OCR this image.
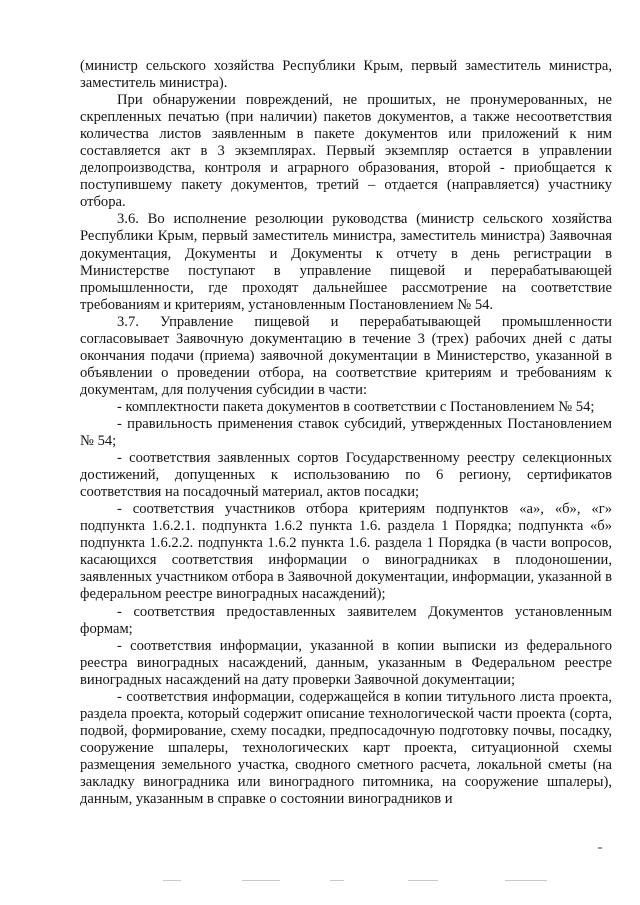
(министр сельского хозяйства Республики Крым, первый заместитель министра, заместитель министра).

При обнаружении повреждений, не прошитых, не пронумерованных, не скрепленных печатью (при наличии) пакетов документов, а также несоответствия количества листов заявленным в пакете документов или приложений к ним составляется акт в 3 экземплярах. Первый экземпляр остается в управлении делопроизводства, контроля и аграрного образования, второй - приобщается к поступившему пакету документов, третий – отдается (направляется) участнику отбора.

3.6. Во исполнение резолюции руководства (министр сельского хозяйства Республики Крым, первый заместитель министра, заместитель министра) Заявочная документация, Документы и Документы к отчету в день регистрации в Министерстве поступают в управление пищевой и перерабатывающей промышленности, где проходят дальнейшее рассмотрение на соответствие требованиям и критериям, установленным Постановлением № 54.

3.7. Управление пищевой и перерабатывающей промышленности согласовывает Заявочную документацию в течение 3 (трех) рабочих дней с даты окончания подачи (приема) заявочной документации в Министерство, указанной в объявлении о проведении отбора, на соответствие критериям и требованиям к документам, для получения субсидии в части:

- комплектности пакета документов в соответствии с Постановлением № 54;

- правильность применения ставок субсидий, утвержденных Постановлением № 54;

- соответствия заявленных сортов Государственному реестру селекционных достижений, допущенных к использованию по 6 региону, сертификатов соответствия на посадочный материал, актов посадки;

- соответствия участников отбора критериям подпунктов «а», «б», «г» подпункта 1.6.2.1. подпункта 1.6.2 пункта 1.6. раздела 1 Порядка; подпункта «б» подпункта 1.6.2.2. подпункта 1.6.2 пункта 1.6. раздела 1 Порядка (в части вопросов, касающихся соответствия информации о виноградниках в плодоношении, заявленных участником отбора в Заявочной документации, информации, указанной в федеральном реестре виноградных насаждений);

- соответствия предоставленных заявителем Документов установленным формам;

- соответствия информации, указанной в копии выписки из федерального реестра виноградных насаждений, данным, указанным в Федеральном реестре виноградных насаждений на дату проверки Заявочной документации;

- соответствия информации, содержащейся в копии титульного листа проекта, раздела проекта, который содержит описание технологической части проекта (сорта, подвой, формирование, схему посадки, предпосадочную подготовку почвы, посадку, сооружение шпалеры, технологических карт проекта, ситуационной схемы размещения земельного участка, сводного сметного расчета, локальной сметы (на закладку виноградника или виноградного питомника, на сооружение шпалеры), данным, указанным в справке о состоянии виноградников и
